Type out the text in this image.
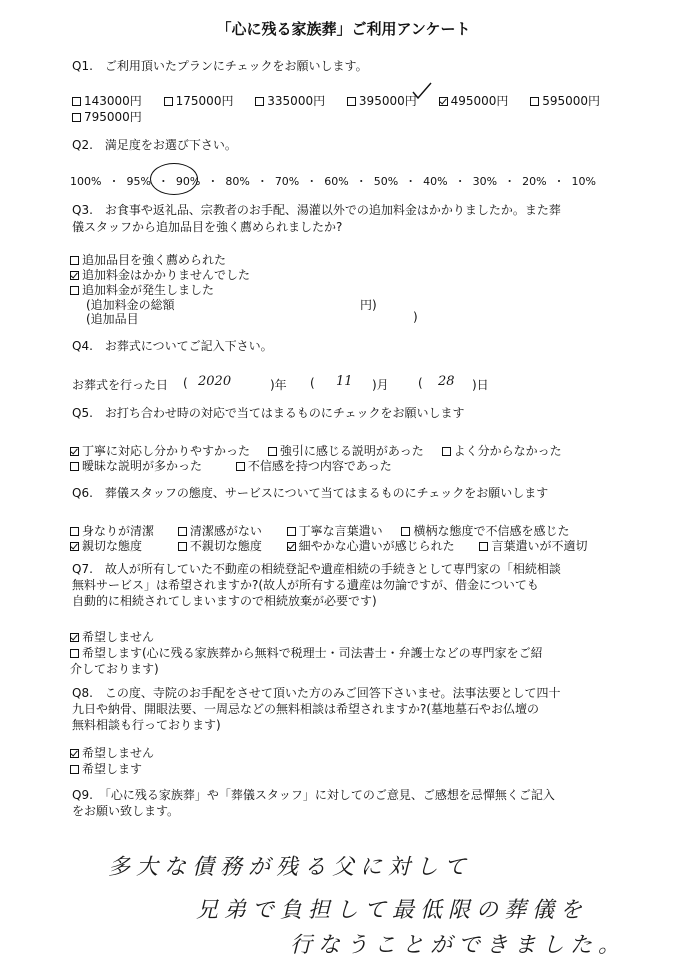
「心に残る家族葬」ご利用アンケート
Q1.　ご利用頂いたプランにチェックをお願いします。
143000円	175000円	335000円	395000円	495000円	595000円
795000円
Q2.　満足度をお選び下さい。
100% ・ 95% ・ 90% ・ 80% ・ 70% ・ 60% ・ 50% ・ 40% ・ 30% ・ 20% ・ 10%
Q3.　お食事や返礼品、宗教者のお手配、湯灌以外での追加料金はかかりましたか。また葬
儀スタッフから追加品目を強く薦められましたか?
追加品目を強く薦められた
追加料金はかかりませんでした
追加料金が発生しました
(追加料金の総額	円)
(追加品目	)
Q4.　お葬式についてご記入下さい。
お葬式を行った日 ( 2020	)年 ( 11 )月 ( 28 )日
Q5.　お打ち合わせ時の対応で当てはまるものにチェックをお願いします
丁寧に対応し分かりやすかった 強引に感じる説明があった よく分からなかった
曖昧な説明が多かった	不信感を持つ内容であった
Q6.　葬儀スタッフの態度、サービスについて当てはまるものにチェックをお願いします
身なりが清潔	清潔感がない	丁寧な言葉遣い	横柄な態度で不信感を感じた
親切な態度	不親切な態度	細やかな心遣いが感じられた	言葉遣いが不適切
Q7.　故人が所有していた不動産の相続登記や遺産相続の手続きとして専門家の「相続相談
無料サービス」は希望されますか?(故人が所有する遺産は勿論ですが、借金についても
自動的に相続されてしまいますので相続放棄が必要です)
希望しません
希望します(心に残る家族葬から無料で税理士・司法書士・弁護士などの専門家をご紹
介しております)
Q8.　この度、寺院のお手配をさせて頂いた方のみご回答下さいませ。法事法要として四十
九日や納骨、開眼法要、一周忌などの無料相談は希望されますか?(墓地墓石やお仏壇の
無料相談も行っております)
希望しません
希望します
Q9.　「心に残る家族葬」や「葬儀スタッフ」に対してのご意見、ご感想を忌憚無くご記入
をお願い致します。
多大な債務が残る父に対して
兄弟で負担して最低限の葬儀を
行なうことができました。
